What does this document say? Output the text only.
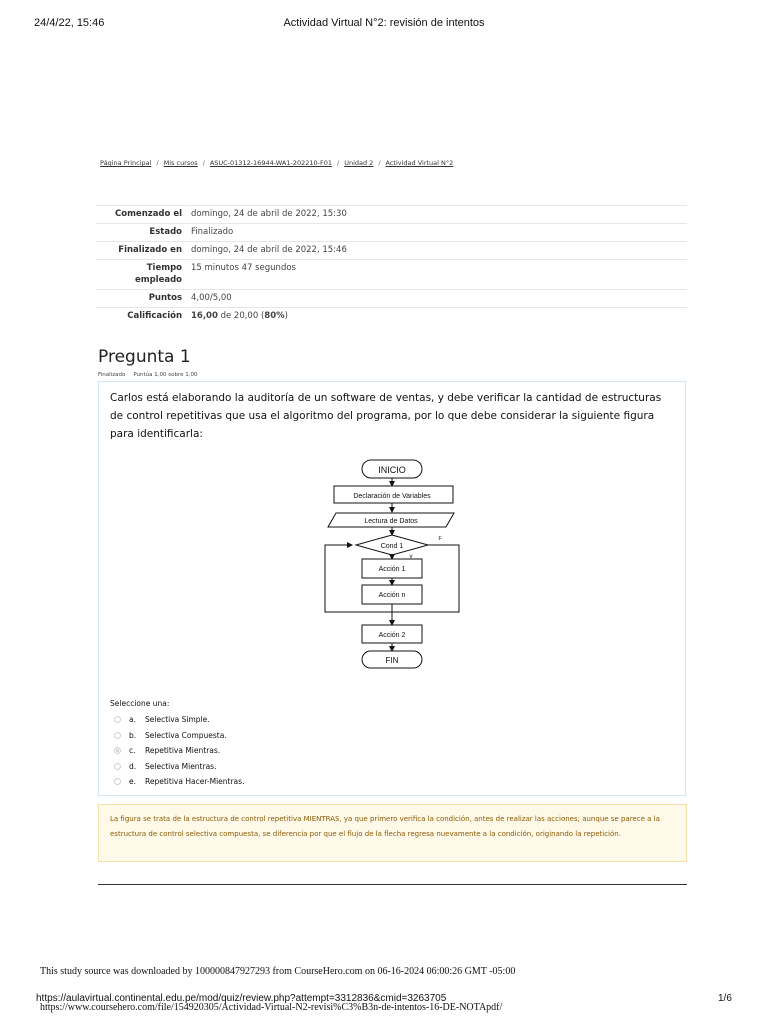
24/4/22, 15:46	Actividad Virtual N°2: revisión de intentos
Página Principal / Mis cursos / ASUC-01312-16944-WA1-202210-F01 / Unidad 2 / Actividad Virtual N°2
Comenzado el	domingo, 24 de abril de 2022, 15:30
Estado	Finalizado
Finalizado en	domingo, 24 de abril de 2022, 15:46
Tiempo empleado	15 minutos 47 segundos
Puntos	4,00/5,00
Calificación	16,00 de 20,00 (80%)
Pregunta 1
Finalizado Puntúa 1,00 sobre 1,00
Carlos está elaborando la auditoría de un software de ventas, y debe verificar la cantidad de estructuras de control repetitivas que usa el algoritmo del programa, por lo que debe considerar la siguiente figura para identificarla:
INICIO
Declaración de Variables
Lectura de Datos
Cond 1
Acción 1
Acción n
Acción 2
FIN
v
F
Seleccione una:
a.	Selectiva Simple.
b.	Selectiva Compuesta.
c.	Repetitiva Mientras.
d.	Selectiva Mientras.
e.	Repetitiva Hacer-Mientras.
La figura se trata de la estructura de control repetitiva MIENTRAS, ya que primero verifica la condición, antes de realizar las acciones; aunque se parece a la estructura de control selectiva compuesta, se diferencia por que el flujo de la flecha regresa nuevamente a la condición, originando la repetición.
This study source was downloaded by 100000847927293 from CourseHero.com on 06-16-2024 06:00:26 GMT -05:00
https://aulavirtual.continental.edu.pe/mod/quiz/review.php?attempt=3312836&cmid=3263705	1/6
https://www.coursehero.com/file/154920305/Actividad-Virtual-N2-revisi%C3%B3n-de-intentos-16-DE-NOTApdf/
